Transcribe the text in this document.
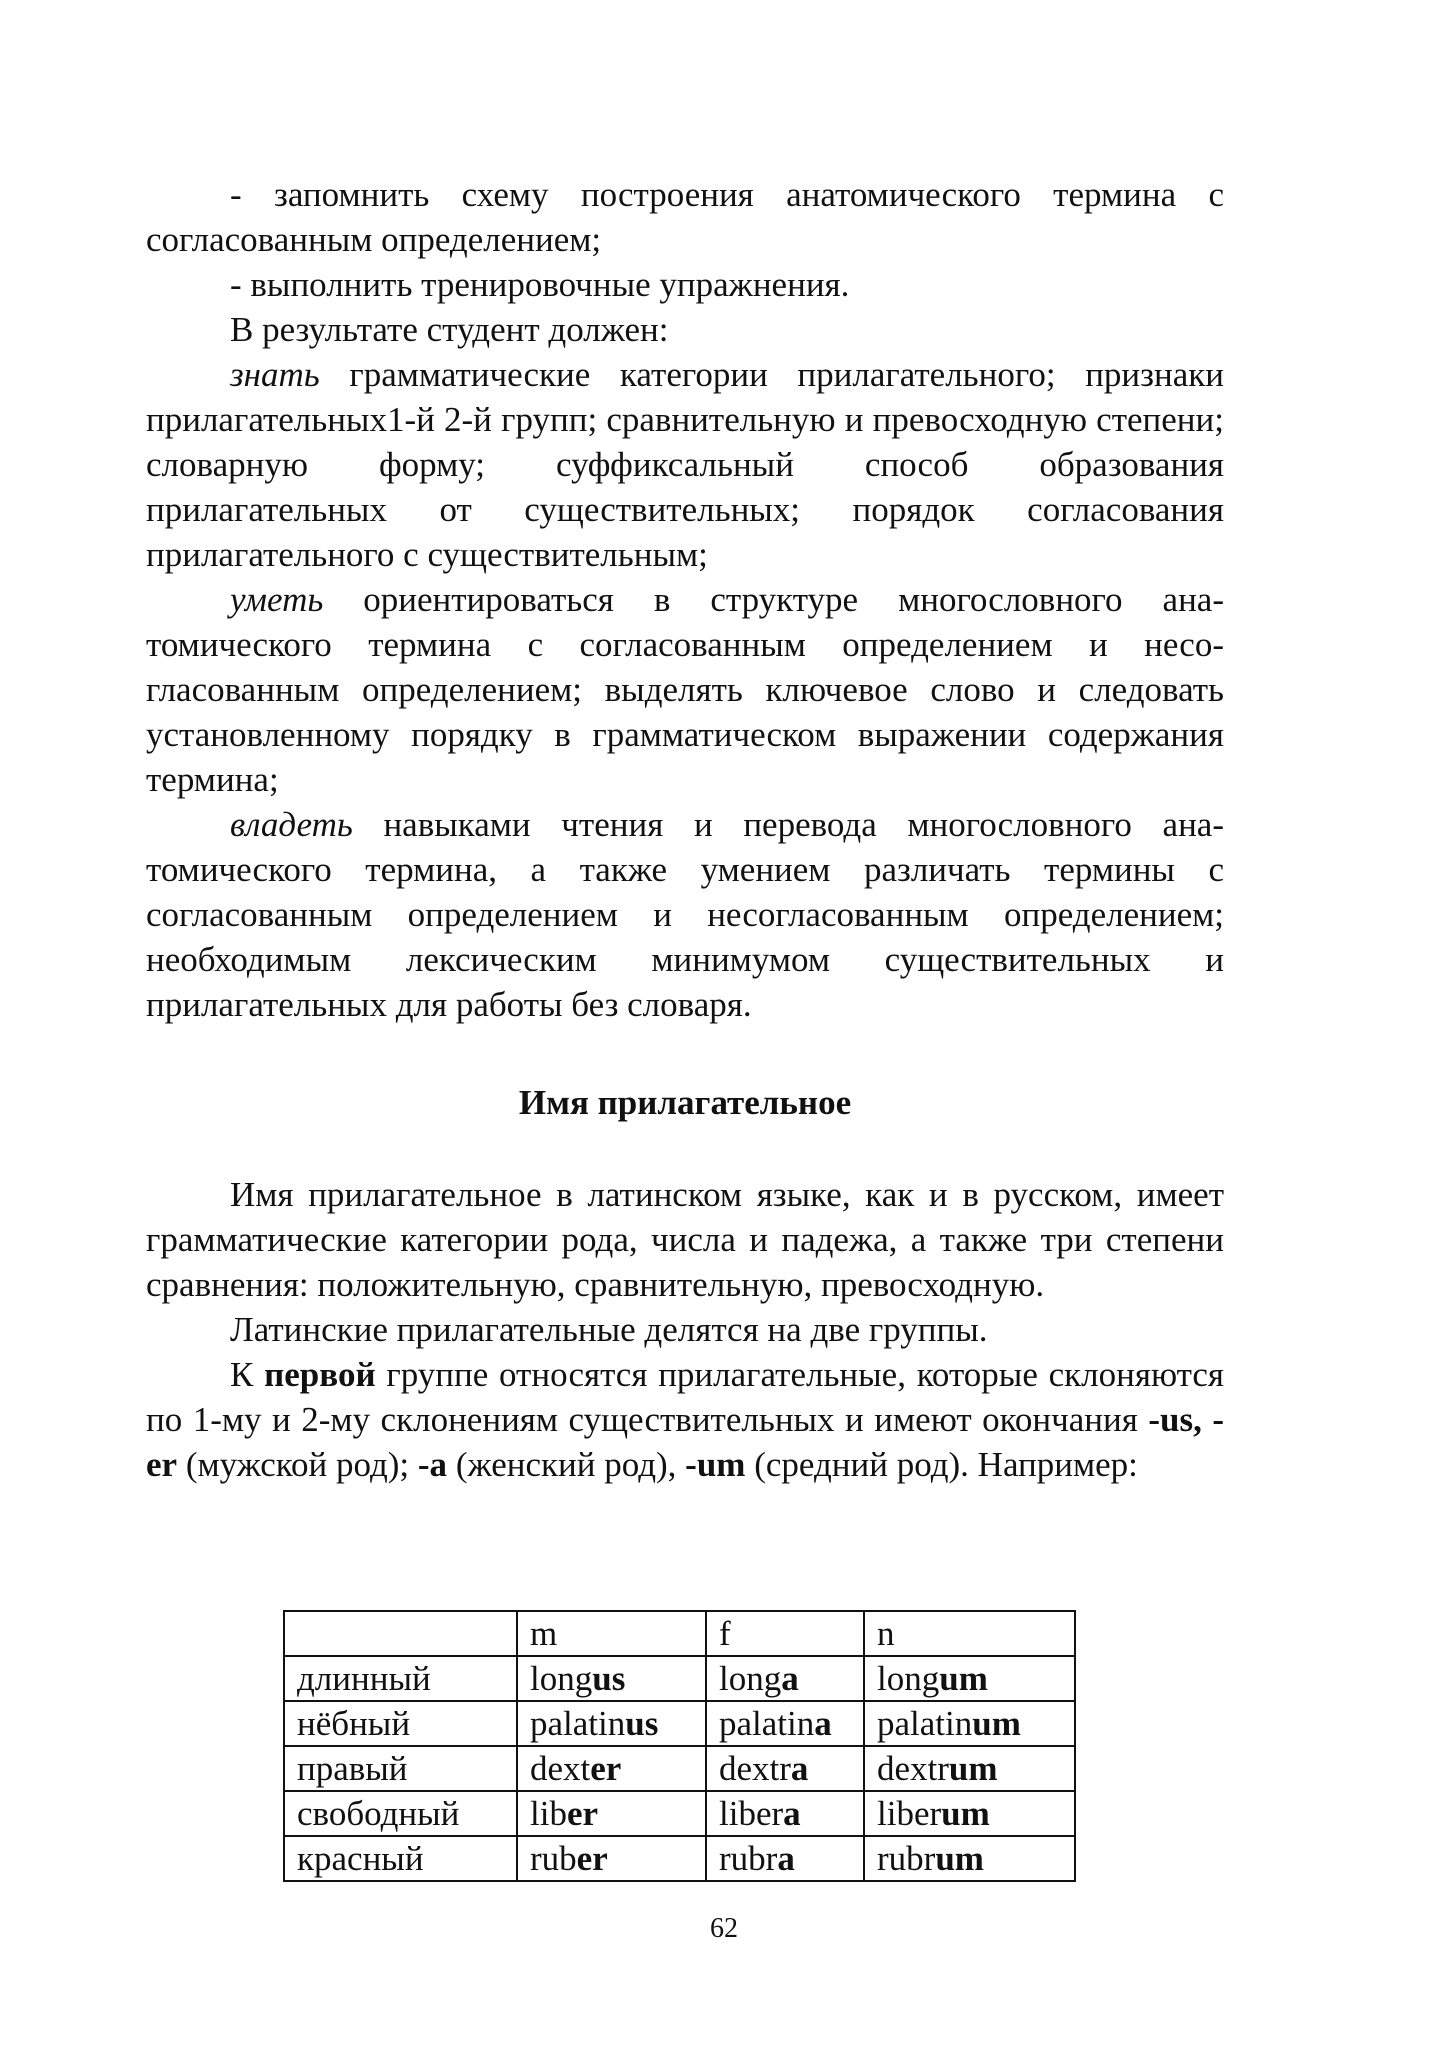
- запомнить схему построения анатомического термина с согласованным определением;

- выполнить тренировочные упражнения.

В результате студент должен:

знать грамматические категории прилагательного; признаки прилагательных1-й 2-й групп; сравнительную и превосходную степени; словарную форму; суффиксальный способ образования прилагательных от существительных; порядок согласования прилагательного с существительным;

уметь ориентироваться в структуре многословного анатомического термина с согласованным определением и несогласованным определением; выделять ключевое слово и следовать установленному порядку в грамматическом выражении содержания термина;

владеть навыками чтения и перевода многословного анатомического термина, а также умением различать термины с согласованным определением и несогласованным определением; необходимым лексическим минимумом существительных и прилагательных для работы без словаря.

Имя прилагательное

Имя прилагательное в латинском языке, как и в русском, имеет грамматические категории рода, числа и падежа, а также три степени сравнения: положительную, сравнительную, превосходную.

Латинские прилагательные делятся на две группы.

К первой группе относятся прилагательные, которые склоняются по 1-му и 2-му склонениям существительных и имеют окончания -us, -er (мужской род); -a (женский род), -um (средний род). Например:

	m	f	n
длинный	longus	longa	longum
нёбный	palatinus	palatina	palatinum
правый	dexter	dextra	dextrum
свободный	liber	libera	liberum
красный	ruber	rubra	rubrum
62
